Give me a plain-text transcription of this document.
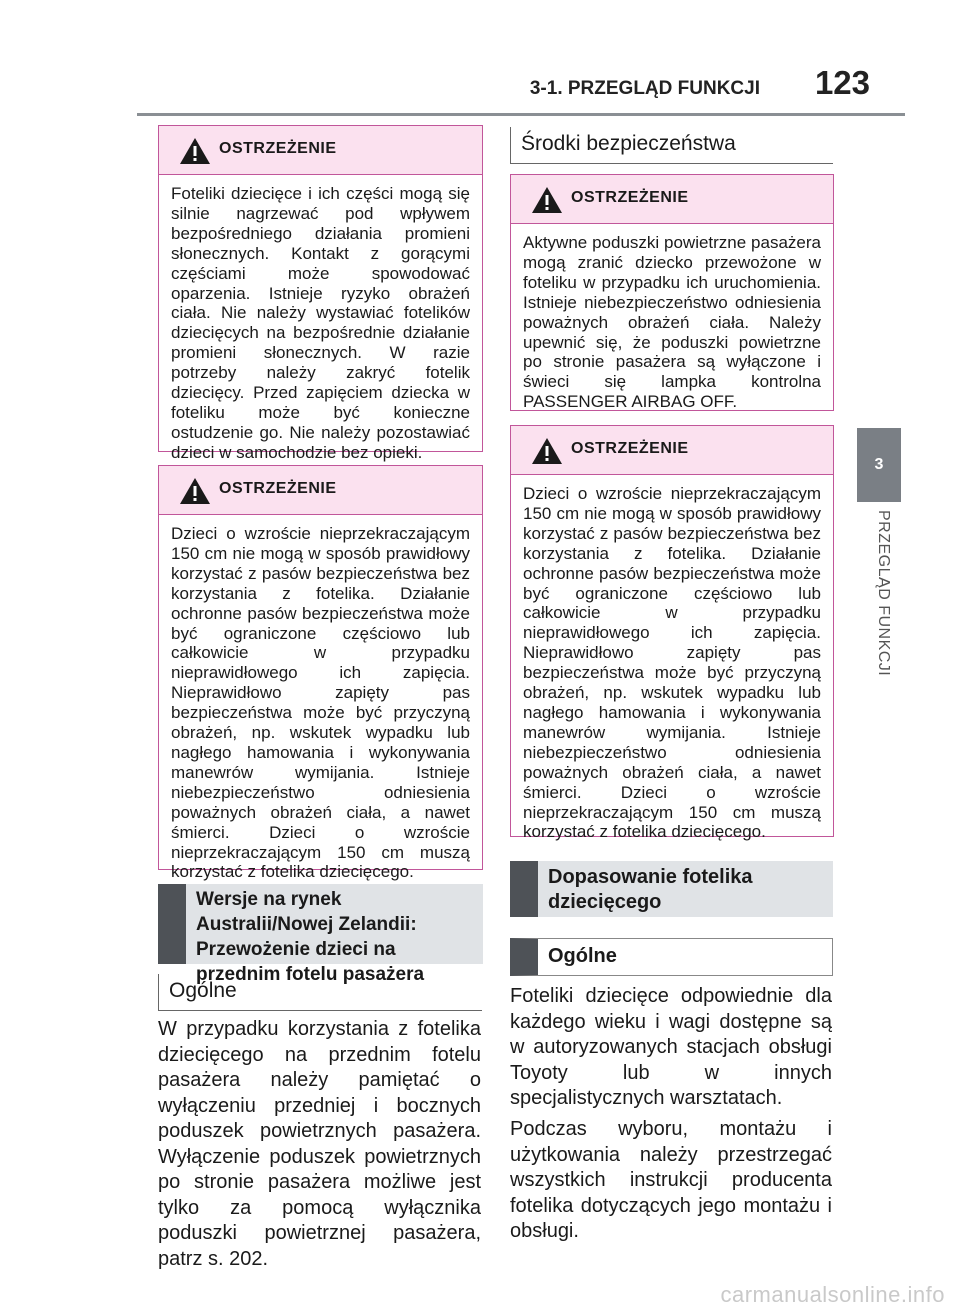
3-1. PRZEGLĄD FUNKCJI	123
3
PRZEGLĄD FUNKCJI
OSTRZEŻENIE
Foteliki dziecięce i ich części mogą się silnie nagrzewać pod wpływem bezpośredniego działania promieni słonecznych. Kontakt z gorącymi częściami może spowodować oparzenia. Istnieje ryzyko obrażeń ciała. Nie należy wystawiać fotelików dziecięcych na bezpośrednie działanie promieni słonecznych. W razie potrzeby należy zakryć fotelik dziecięcy. Przed zapięciem dziecka w foteliku może być konieczne ostudzenie go. Nie należy pozostawiać dzieci w samochodzie bez opieki.
OSTRZEŻENIE
Dzieci o wzroście nieprzekraczającym 150 cm nie mogą w sposób prawidłowy korzystać z pasów bezpieczeństwa bez korzystania z fotelika. Działanie ochronne pasów bezpieczeństwa może być ograniczone częściowo lub całkowicie w przypadku nieprawidłowego ich zapięcia. Nieprawidłowo zapięty pas bezpieczeństwa może być przyczyną obrażeń, np. wskutek wypadku lub nagłego hamowania i wykonywania manewrów wymijania. Istnieje niebezpieczeństwo odniesienia poważnych obrażeń ciała, a nawet śmierci. Dzieci o wzroście nieprzekraczającym 150 cm muszą korzystać z fotelika dziecięcego.
Wersje na rynek Australii/Nowej Zelandii: Przewożenie dzieci na przednim fotelu pasażera
Ogólne

W przypadku korzystania z fotelika dziecięcego na przednim fotelu pasażera należy pamiętać o wyłączeniu przedniej i bocznych poduszek powietrznych pasażera. Wyłączenie poduszek powietrznych po stronie pasażera możliwe jest tylko za pomocą wyłącznika poduszki powietrznej pasażera, patrz s. 202.

Środki bezpieczeństwa
OSTRZEŻENIE
Aktywne poduszki powietrzne pasażera mogą zranić dziecko przewożone w foteliku w przypadku ich uruchomienia. Istnieje niebezpieczeństwo odniesienia poważnych obrażeń ciała. Należy upewnić się, że poduszki powietrzne po stronie pasażera są wyłączone i świeci się lampka kontrolna PASSENGER AIRBAG OFF.
OSTRZEŻENIE
Dzieci o wzroście nieprzekraczającym 150 cm nie mogą w sposób prawidłowy korzystać z pasów bezpieczeństwa bez korzystania z fotelika. Działanie ochronne pasów bezpieczeństwa może być ograniczone częściowo lub całkowicie w przypadku nieprawidłowego ich zapięcia. Nieprawidłowo zapięty pas bezpieczeństwa może być przyczyną obrażeń, np. wskutek wypadku lub nagłego hamowania i wykonywania manewrów wymijania. Istnieje niebezpieczeństwo odniesienia poważnych obrażeń ciała, a nawet śmierci. Dzieci o wzroście nieprzekraczającym 150 cm muszą korzystać z fotelika dziecięcego.
Dopasowanie fotelika dziecięcego
Ogólne

Foteliki dziecięce odpowiednie dla każdego wieku i wagi dostępne są w autoryzowanych stacjach obsługi Toyoty lub w innych specjalistycznych warsztatach.

Podczas wyboru, montażu i użytkowania należy przestrzegać wszystkich instrukcji producenta fotelika dotyczących jego montażu i obsługi.

carmanualsonline.info
